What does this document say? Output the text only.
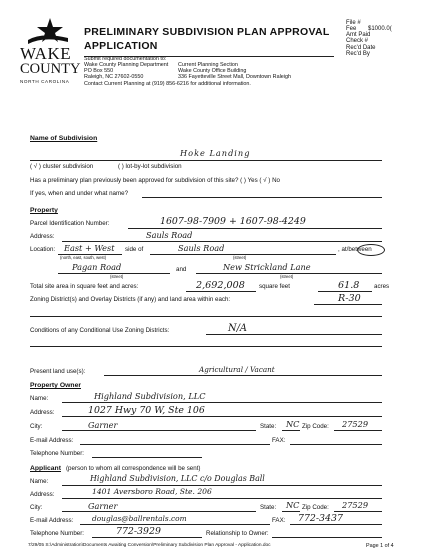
WAKE
COUNTY
NORTH CAROLINA
PRELIMINARY SUBDIVISION PLAN APPROVAL
APPLICATION
Submit required documentation to:
Wake County Planning Department
PO Box 550
Raleigh, NC 27602-0550
Current Planning Section
Wake County Office Building
336 Fayetteville Street Mall, Downtown Raleigh
Contact Current Planning at (919) 856-6216 for additional information.
File #
Fee $1000.0(
Amt Paid
Check #
Rec'd Date
Rec'd By
Name of Subdivision
Hoke Landing
( √ ) cluster subdivision	( ) lot-by-lot subdivision
Has a preliminary plan previously been approved for subdivision of this site? ( ) Yes ( √ ) No
If yes, when and under what name?
Property
Parcel Identification Number:	1607-98-7909 + 1607-98-4249
Address:	Sauls Road
Location: East + West side of	Sauls Road	, at/between
(north, east, south, west)	(street)
Pagan Road	and	New Strickland Lane
(street)	(street)
Total site area in square feet and acres:	2,692,008 square feet	61.8 acres
Zoning District(s) and Overlay Districts (if any) and land area within each:	R-30
Conditions of any Conditional Use Zoning Districts:	N/A
Present land use(s):	Agricultural / Vacant
Property Owner
Name:	Highland Subdivision, LLC
Address:	1027 Hwy 70 W, Ste 106
City:	Garner	State: NC Zip Code: 27529
E-mail Address:	FAX:
Telephone Number:
Applicant (person to whom all correspondence will be sent)
Name:	Highland Subdivision, LLC c/o Douglas Ball
Address:	1401 Aversboro Road, Ste. 206
City:	Garner	State: NC Zip Code: 27529
E-mail Address:	douglas@ballrentals.com	FAX: 772-3437
Telephone Number:	772-3929	Relationship to Owner:
7/29/05 S:\Administration\Documents Awaiting Conversion\Preliminary Subdivision Plan Approval - Application.doc	Page 1 of 4
